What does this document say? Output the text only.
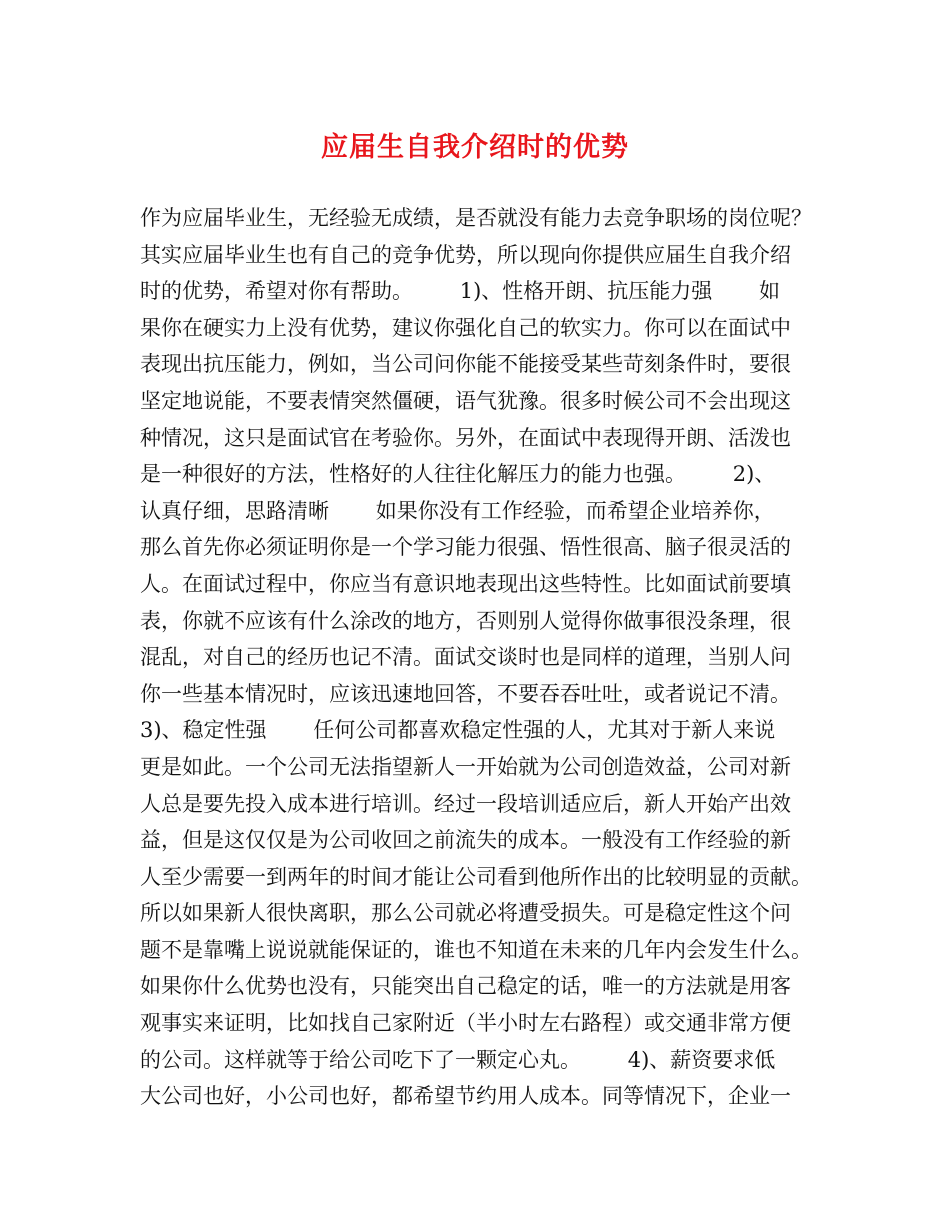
应届生自我介绍时的优势
作为应届毕业生，无经验无成绩，是否就没有能力去竞争职场的岗位呢？
其实应届毕业生也有自己的竞争优势，所以现向你提供应届生自我介绍
时的优势，希望对你有帮助。       1)、性格开朗、抗压能力强       如
果你在硬实力上没有优势，建议你强化自己的软实力。你可以在面试中
表现出抗压能力，例如，当公司问你能不能接受某些苛刻条件时，要很
坚定地说能，不要表情突然僵硬，语气犹豫。很多时候公司不会出现这
种情况，这只是面试官在考验你。另外，在面试中表现得开朗、活泼也
是一种很好的方法，性格好的人往往化解压力的能力也强。       2)、
认真仔细，思路清晰       如果你没有工作经验，而希望企业培养你，
那么首先你必须证明你是一个学习能力很强、悟性很高、脑子很灵活的
人。在面试过程中，你应当有意识地表现出这些特性。比如面试前要填
表，你就不应该有什么涂改的地方，否则别人觉得你做事很没条理，很
混乱，对自己的经历也记不清。面试交谈时也是同样的道理，当别人问
你一些基本情况时，应该迅速地回答，不要吞吞吐吐，或者说记不清。
3)、稳定性强       任何公司都喜欢稳定性强的人，尤其对于新人来说
更是如此。一个公司无法指望新人一开始就为公司创造效益，公司对新
人总是要先投入成本进行培训。经过一段培训适应后，新人开始产出效
益，但是这仅仅是为公司收回之前流失的成本。一般没有工作经验的新
人至少需要一到两年的时间才能让公司看到他所作出的比较明显的贡献。
所以如果新人很快离职，那么公司就必将遭受损失。可是稳定性这个问
题不是靠嘴上说说就能保证的，谁也不知道在未来的几年内会发生什么。
如果你什么优势也没有，只能突出自己稳定的话，唯一的方法就是用客
观事实来证明，比如找自己家附近（半小时左右路程）或交通非常方便
的公司。这样就等于给公司吃下了一颗定心丸。       4)、薪资要求低
大公司也好，小公司也好，都希望节约用人成本。同等情况下，企业一
